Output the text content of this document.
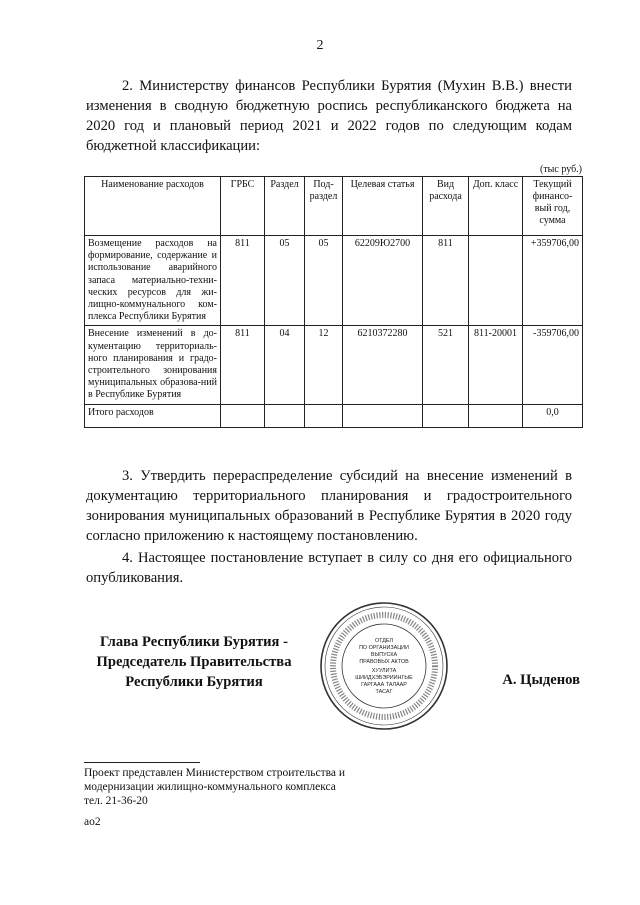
2

2. Министерству финансов Республики Бурятия (Мухин В.В.) внести изменения в сводную бюджетную роспись республиканского бюджета на 2020 год и плановый период 2021 и 2022 годов по следующим кодам бюджетной классификации:

(тыс руб.)
Наименование расходов	ГРБС	Раздел	Под-раздел	Целевая статья	Вид расхода	Доп. класс	Текущий финансо-вый год, сумма
Возмещение расходов на формирование, содержание и использование аварийного запаса материально-техни-ческих ресурсов для жи-лищно-коммунального ком-плекса Республики Бурятия	811	05	05	62209Ю2700	811		+359706,00
Внесение изменений в до-кументацию территориаль-ного планирования и градо-строительного зонирования муниципальных образова-ний в Республике Бурятия	811	04	12	6210372280	521	811-20001	-359706,00
Итого расходов							0,0

3. Утвердить перераспределение субсидий на внесение изменений в документацию территориального планирования и градостроительного зонирования муниципальных образований в Республике Бурятия в 2020 году согласно приложению к настоящему постановлению.

4. Настоящее постановление вступает в силу со дня его официального опубликования.

Глава Республики Бурятия -
Председатель Правительства
Республики Бурятия
ОТДЕЛ
ПО ОРГАНИЗАЦИИ
ВЫПУСКА
ПРАВОВЫХ АКТОВ
ХУУЛИТА
ШИИДХЭБЭРИИНГЫЕ
ГАРГААА ТАЛААР
ТАСАГ
А. Цыденов
Проект представлен Министерством строительства и
модернизации жилищно-коммунального комплекса
тел. 21-36-20
ао2
